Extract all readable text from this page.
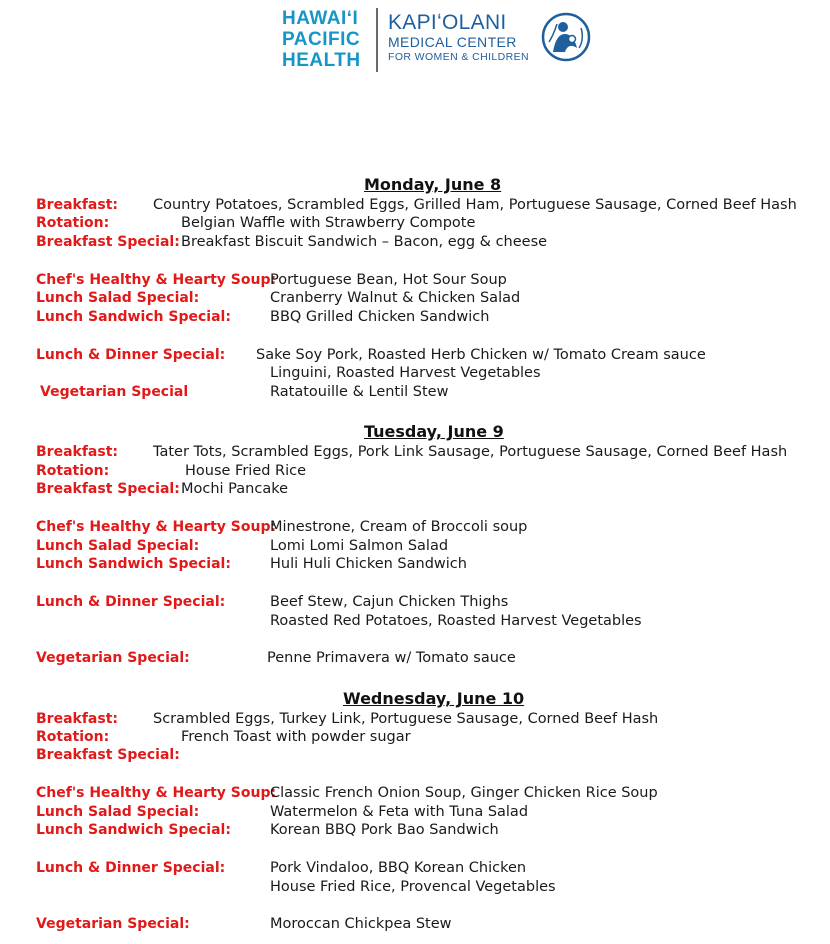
HAWAIʻI
PACIFIC
HEALTH
KAPIʻOLANI
MEDICAL CENTER
FOR WOMEN & CHILDREN
Monday, June 8
Breakfast: Country Potatoes, Scrambled Eggs, Grilled Ham, Portuguese Sausage, Corned Beef Hash
Rotation:	Belgian Waffle with Strawberry Compote
Breakfast Special: Breakfast Biscuit Sandwich – Bacon, egg & cheese
Chef's Healthy & Hearty Soup:
Portuguese Bean, Hot Sour Soup
Lunch Salad Special:	Cranberry Walnut & Chicken Salad
Lunch Sandwich Special:	BBQ Grilled Chicken Sandwich
Lunch & Dinner Special: Sake Soy Pork, Roasted Herb Chicken w/ Tomato Cream sauce
Linguini, Roasted Harvest Vegetables
Vegetarian Special	Ratatouille & Lentil Stew
Tuesday, June 9
Breakfast: Tater Tots, Scrambled Eggs, Pork Link Sausage, Portuguese Sausage, Corned Beef Hash
Rotation:	House Fried Rice
Breakfast Special: Mochi Pancake
Chef's Healthy & Hearty Soup:
Minestrone, Cream of Broccoli soup
Lunch Salad Special:	Lomi Lomi Salmon Salad
Lunch Sandwich Special:	Huli Huli Chicken Sandwich
Lunch & Dinner Special:	Beef Stew, Cajun Chicken Thighs
Roasted Red Potatoes, Roasted Harvest Vegetables
Vegetarian Special:	Penne Primavera w/ Tomato sauce
Wednesday, June 10
Breakfast: Scrambled Eggs, Turkey Link, Portuguese Sausage, Corned Beef Hash
Rotation:	French Toast with powder sugar
Breakfast Special:
Chef's Healthy & Hearty Soup:
Classic French Onion Soup, Ginger Chicken Rice Soup
Lunch Salad Special:	Watermelon & Feta with Tuna Salad
Lunch Sandwich Special:	Korean BBQ Pork Bao Sandwich
Lunch & Dinner Special:	Pork Vindaloo, BBQ Korean Chicken
House Fried Rice, Provencal Vegetables
Vegetarian Special:	Moroccan Chickpea Stew
